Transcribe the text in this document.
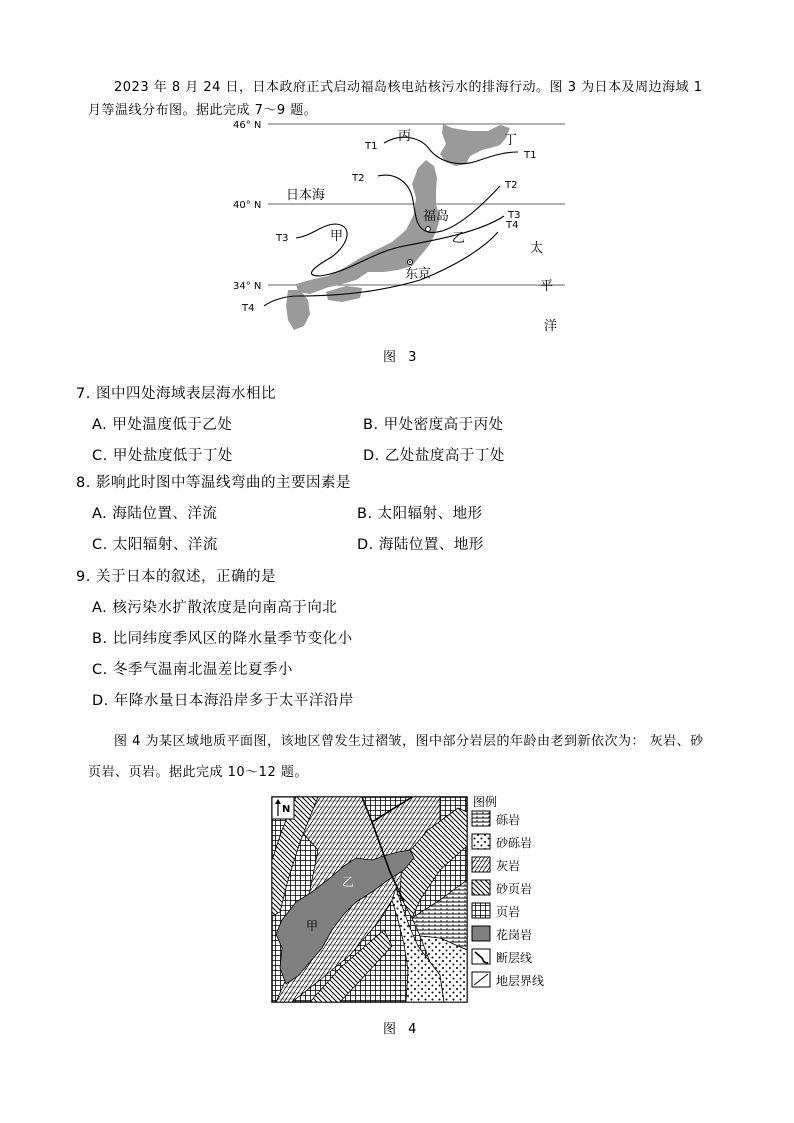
2023 年 8 月 24 日，日本政府正式启动福岛核电站核污水的排海行动。图 3 为日本及周边海域 1 月等温线分布图。据此完成 7～9 题。
46° N
40° N
34° N
T1
T1
T2
T2
T3
T3
T4
T4
日本海
丙	丁
甲	乙
福岛
东京
太
平
洋
图 3
7. 图中四处海域表层海水相比
A. 甲处温度低于乙处	B. 甲处密度高于丙处
C. 甲处盐度低于丁处	D. 乙处盐度高于丁处
8. 影响此时图中等温线弯曲的主要因素是
A. 海陆位置、洋流	B. 太阳辐射、地形
C. 太阳辐射、洋流	D. 海陆位置、地形
9. 关于日本的叙述，正确的是
A. 核污染水扩散浓度是向南高于向北
B. 比同纬度季风区的降水量季节变化小
C. 冬季气温南北温差比夏季小
D. 年降水量日本海沿岸多于太平洋沿岸
图 4 为某区域地质平面图，该地区曾发生过褶皱，图中部分岩层的年龄由老到新依次为： 灰岩、砂页岩、页岩。据此完成 10～12 题。
N
甲
乙
图例
砾岩
砂砾岩
灰岩
砂页岩
页岩
花岗岩
断层线
地层界线
图 4
